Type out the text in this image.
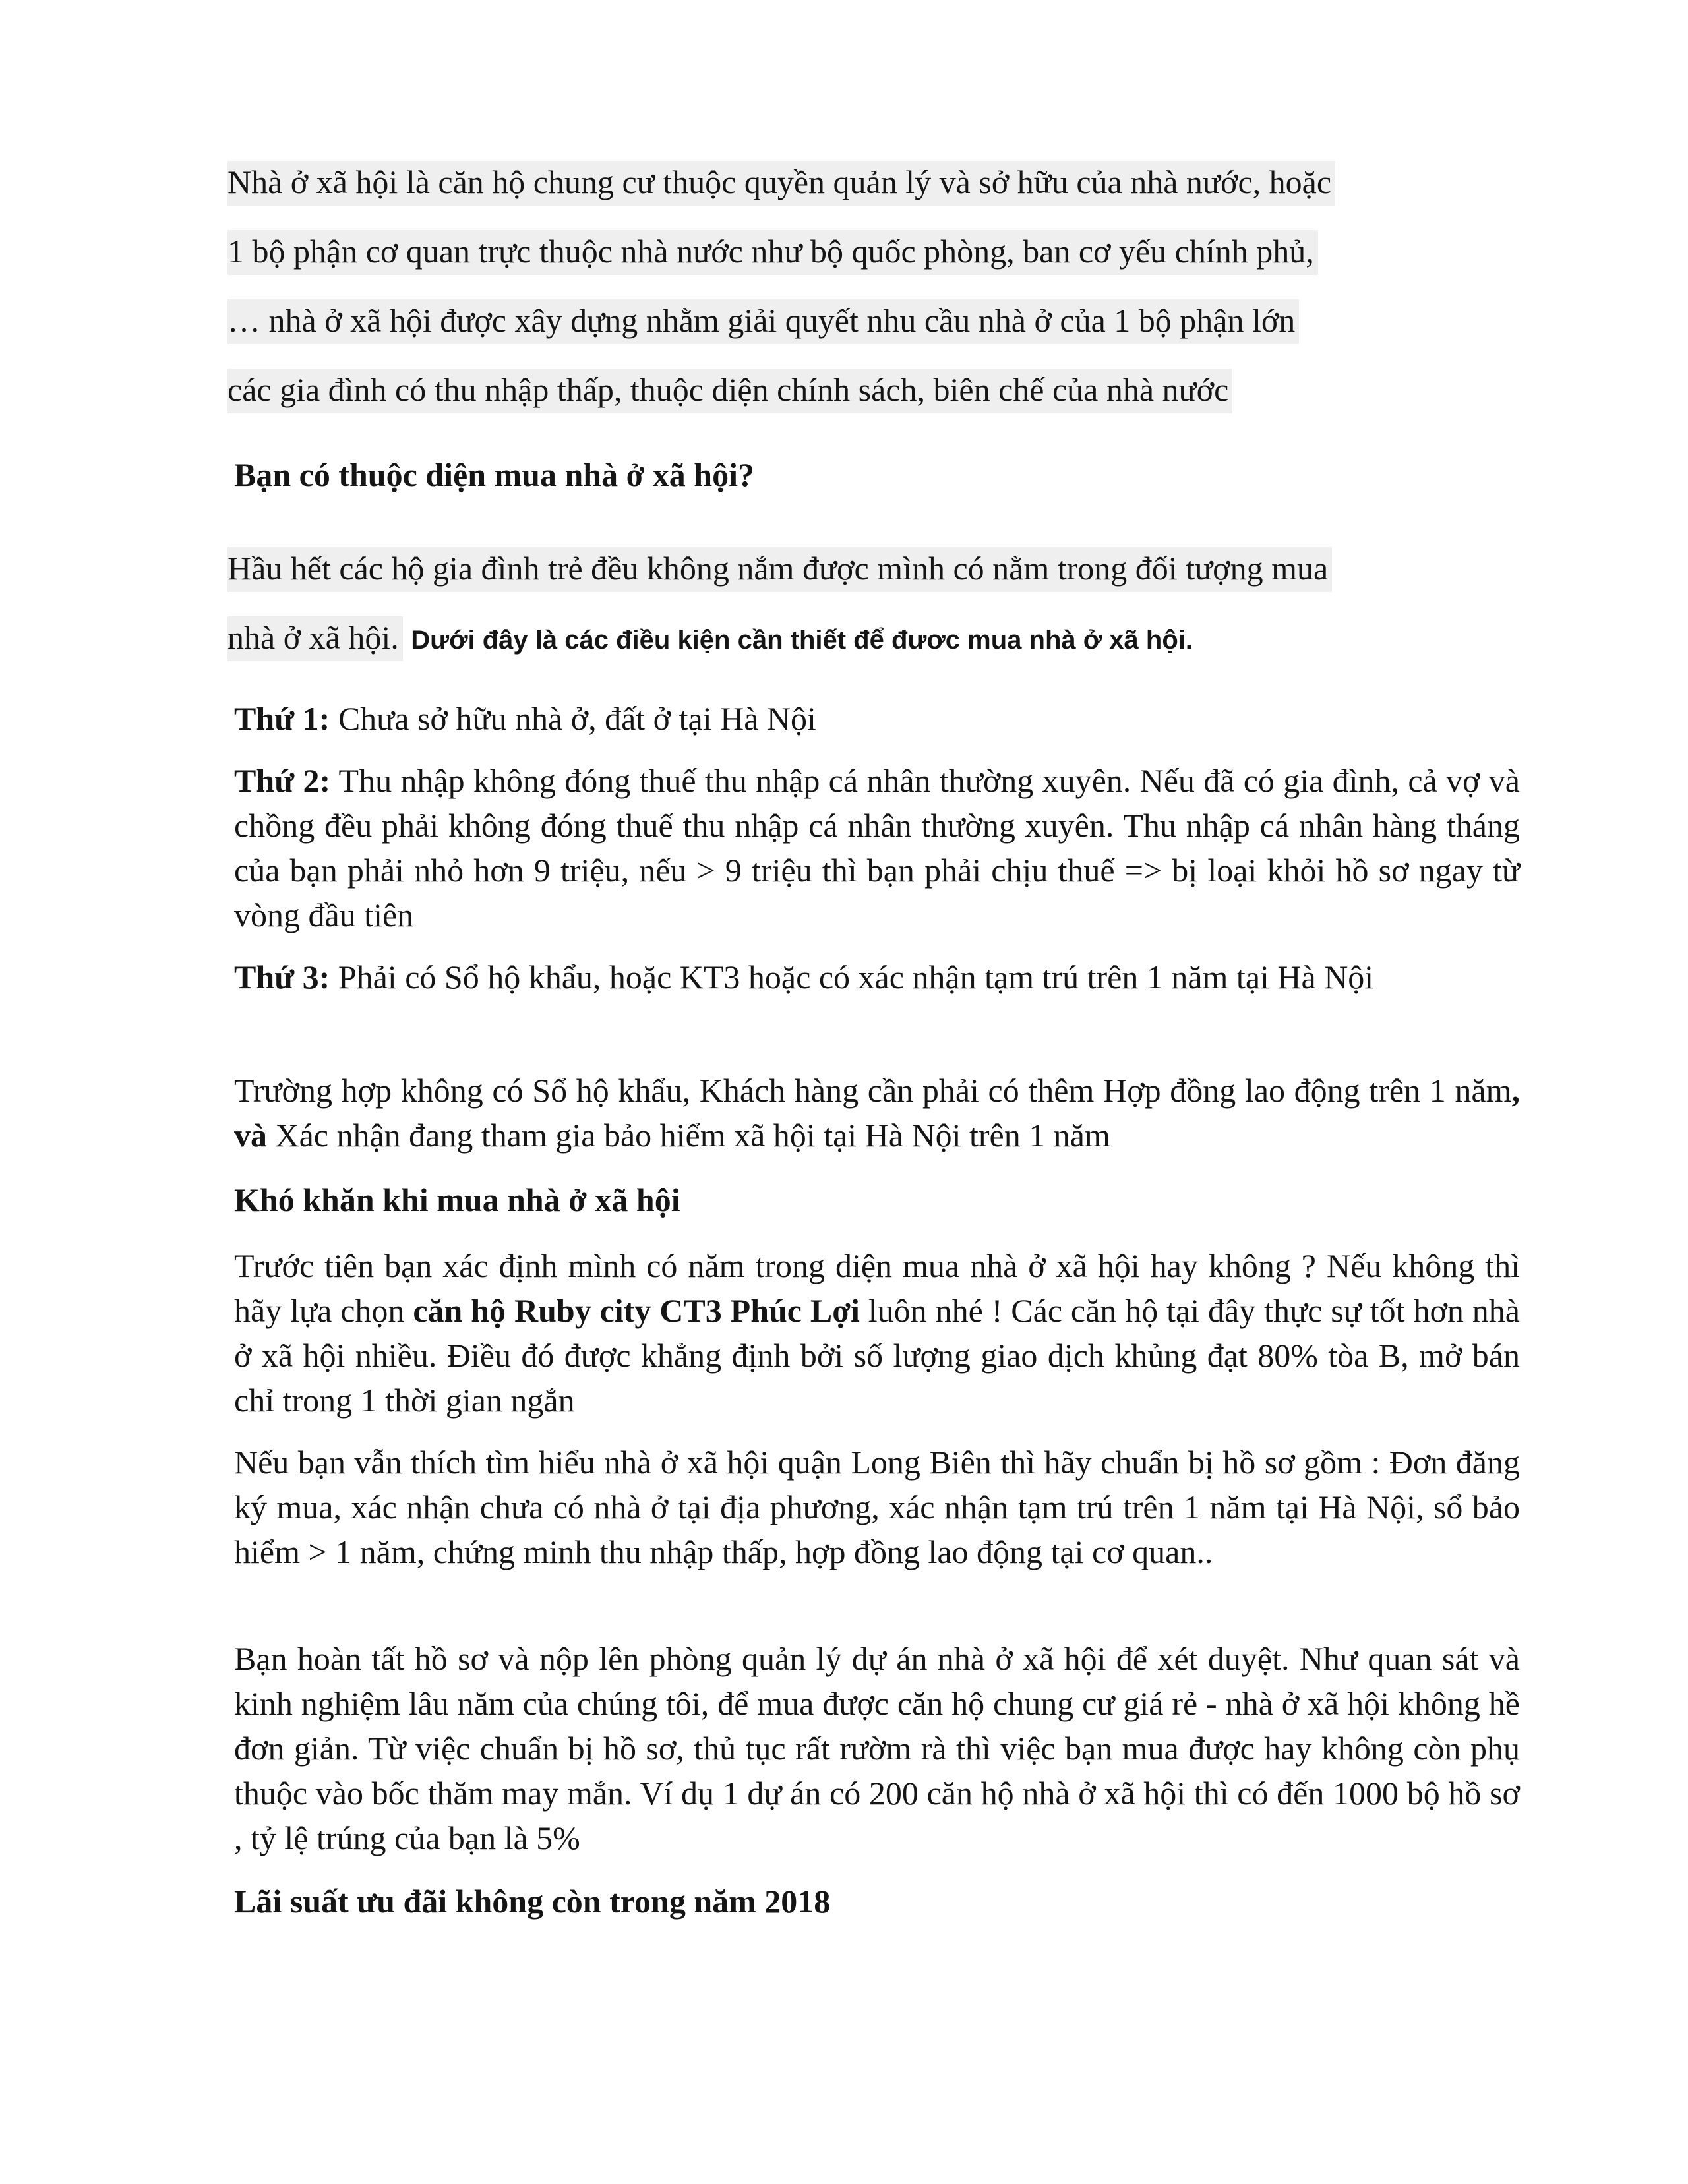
Nhà ở xã hội là căn hộ chung cư thuộc quyền quản lý và sở hữu của nhà nước, hoặc
1 bộ phận cơ quan trực thuộc nhà nước như bộ quốc phòng, ban cơ yếu chính phủ,
… nhà ở xã hội được xây dựng nhằm giải quyết nhu cầu nhà ở của 1 bộ phận lớn
các gia đình có thu nhập thấp, thuộc diện chính sách, biên chế của nhà nước
Bạn có thuộc diện mua nhà ở xã hội?
Hầu hết các hộ gia đình trẻ đều không nắm được mình có nằm trong đối tượng mua
nhà ở xã hội. Dưới đây là các điều kiện cần thiết để đươc mua nhà ở xã hội.
Thứ 1: Chưa sở hữu nhà ở, đất ở tại Hà Nội
Thứ 2: Thu nhập không đóng thuế thu nhập cá nhân thường xuyên. Nếu đã có gia đình, cả vợ và chồng đều phải không đóng thuế thu nhập cá nhân thường xuyên. Thu nhập cá nhân hàng tháng của bạn phải nhỏ hơn 9 triệu, nếu > 9 triệu thì bạn phải chịu thuế => bị loại khỏi hồ sơ ngay từ vòng đầu tiên
Thứ 3: Phải có Sổ hộ khẩu, hoặc KT3 hoặc có xác nhận tạm trú trên 1 năm tại Hà Nội
Trường hợp không có Sổ hộ khẩu, Khách hàng cần phải có thêm Hợp đồng lao động trên 1 năm, và Xác nhận đang tham gia bảo hiểm xã hội tại Hà Nội trên 1 năm
Khó khăn khi mua nhà ở xã hội
Trước tiên bạn xác định mình có năm trong diện mua nhà ở xã hội hay không ? Nếu không thì hãy lựa chọn căn hộ Ruby city CT3 Phúc Lợi luôn nhé ! Các căn hộ tại đây thực sự tốt hơn nhà ở xã hội nhiều. Điều đó được khẳng định bởi số lượng giao dịch khủng đạt 80% tòa B, mở bán chỉ trong 1 thời gian ngắn
Nếu bạn vẫn thích tìm hiểu nhà ở xã hội quận Long Biên thì hãy chuẩn bị hồ sơ gồm : Đơn đăng ký mua, xác nhận chưa có nhà ở tại địa phương, xác nhận tạm trú trên 1 năm tại Hà Nội, sổ bảo hiểm > 1 năm, chứng minh thu nhập thấp, hợp đồng lao động tại cơ quan..
Bạn hoàn tất hồ sơ và nộp lên phòng quản lý dự án nhà ở xã hội để xét duyệt. Như quan sát và kinh nghiệm lâu năm của chúng tôi, để mua được căn hộ chung cư giá rẻ - nhà ở xã hội không hề đơn giản. Từ việc chuẩn bị hồ sơ, thủ tục rất rườm rà thì việc bạn mua được hay không còn phụ thuộc vào bốc thăm may mắn. Ví dụ 1 dự án có 200 căn hộ nhà ở xã hội thì có đến 1000 bộ hồ sơ , tỷ lệ trúng của bạn là 5%
Lãi suất ưu đãi không còn trong năm 2018
